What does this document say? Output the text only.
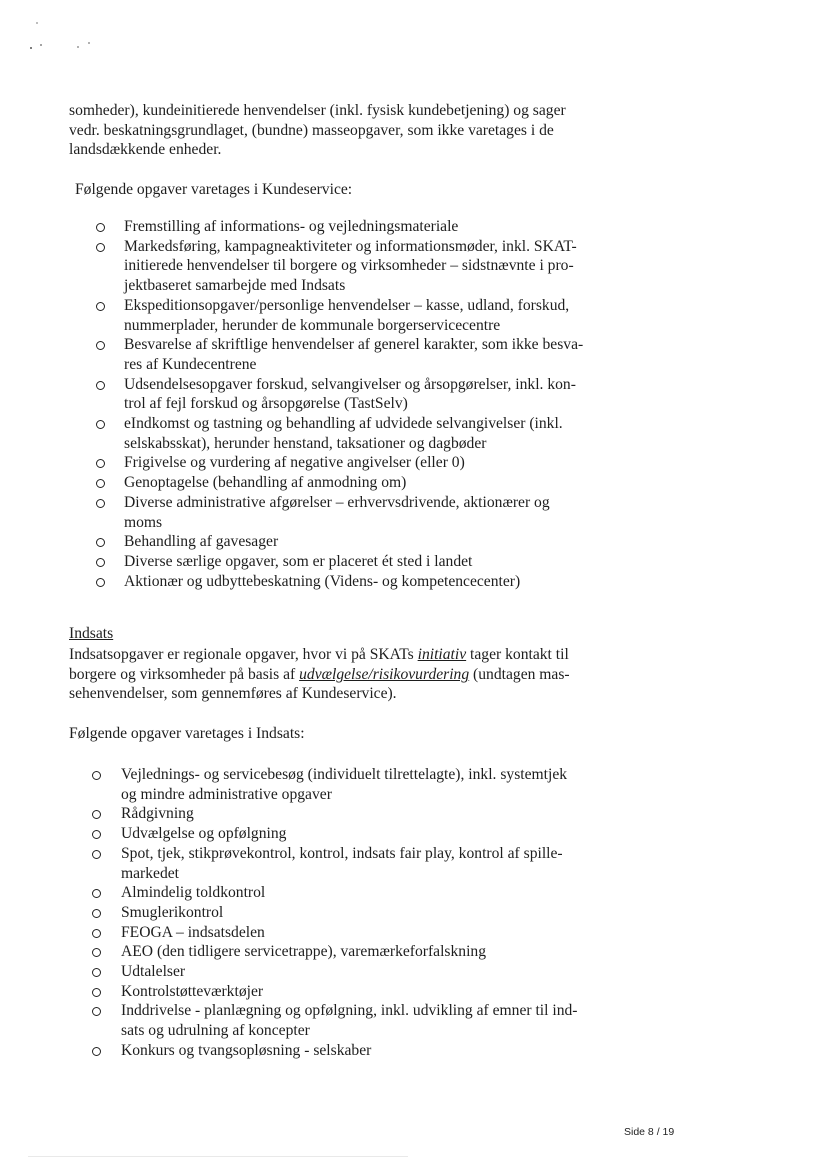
somheder), kundeinitierede henvendelser (inkl. fysisk kundebetjening) og sager
vedr. beskatningsgrundlaget, (bundne) masseopgaver, som ikke varetages i de
landsdækkende enheder.
Følgende opgaver varetages i Kundeservice:
Fremstilling af informations- og vejledningsmateriale
Markedsføring, kampagneaktiviteter og informationsmøder, inkl. SKAT-
initierede henvendelser til borgere og virksomheder – sidstnævnte i pro-
jektbaseret samarbejde med Indsats
Ekspeditionsopgaver/personlige henvendelser – kasse, udland, forskud,
nummerplader, herunder de kommunale borgerservicecentre
Besvarelse af skriftlige henvendelser af generel karakter, som ikke besva-
res af Kundecentrene
Udsendelsesopgaver forskud, selvangivelser og årsopgørelser, inkl. kon-
trol af fejl forskud og årsopgørelse (TastSelv)
eIndkomst og tastning og behandling af udvidede selvangivelser (inkl.
selskabsskat), herunder henstand, taksationer og dagbøder
Frigivelse og vurdering af negative angivelser (eller 0)
Genoptagelse (behandling af anmodning om)
Diverse administrative afgørelser – erhvervsdrivende, aktionærer og
moms
Behandling af gavesager
Diverse særlige opgaver, som er placeret ét sted i landet
Aktionær og udbyttebeskatning (Videns- og kompetencecenter)
Indsats
Indsatsopgaver er regionale opgaver, hvor vi på SKATs initiativ tager kontakt til
borgere og virksomheder på basis af udvælgelse/risikovurdering (undtagen mas-
sehenvendelser, som gennemføres af Kundeservice).
Følgende opgaver varetages i Indsats:
Vejlednings- og servicebesøg (individuelt tilrettelagte), inkl. systemtjek
og mindre administrative opgaver
Rådgivning
Udvælgelse og opfølgning
Spot, tjek, stikprøvekontrol, kontrol, indsats fair play, kontrol af spille-
markedet
Almindelig toldkontrol
Smuglerikontrol
FEOGA – indsatsdelen
AEO (den tidligere servicetrappe), varemærkeforfalskning
Udtalelser
Kontrolstøtteværktøjer
Inddrivelse - planlægning og opfølgning, inkl. udvikling af emner til ind-
sats og udrulning af koncepter
Konkurs og tvangsopløsning - selskaber
Side 8 / 19
